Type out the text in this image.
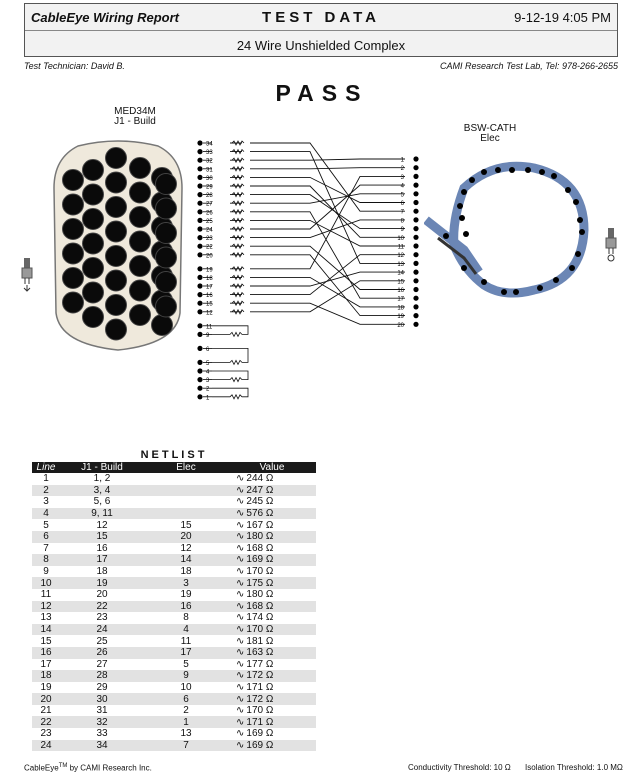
CableEye Wiring Report	TEST DATA	9-12-19 4:05 PM
24 Wire Unshielded Complex
Test Technician: David B.	CAMI Research Test Lab, Tel: 978-266-2655
PASS
MED34M
J1 - Build
BSW-CATH
Elec
34
33
32
31
30
29
28
27
26
25
24
23
22
20
19
18
17
16
15
12
11
9
6
5
4
3
2
1
1
2
3
4
5
6
7
8
9
10
11
12
13
14
15
16
17
18
19
20
NETLIST
Line	J1 - Build	Elec	Value
1	1, 2		∿ 244 Ω
2	3, 4		∿ 247 Ω
3	5, 6		∿ 245 Ω
4	9, 11		∿ 576 Ω
5	12	15	∿ 167 Ω
6	15	20	∿ 180 Ω
7	16	12	∿ 168 Ω
8	17	14	∿ 169 Ω
9	18	18	∿ 170 Ω
10	19	3	∿ 175 Ω
11	20	19	∿ 180 Ω
12	22	16	∿ 168 Ω
13	23	8	∿ 174 Ω
14	24	4	∿ 170 Ω
15	25	11	∿ 181 Ω
16	26	17	∿ 163 Ω
17	27	5	∿ 177 Ω
18	28	9	∿ 172 Ω
19	29	10	∿ 171 Ω
20	30	6	∿ 172 Ω
21	31	2	∿ 170 Ω
22	32	1	∿ 171 Ω
23	33	13	∿ 169 Ω
24	34	7	∿ 169 Ω
CableEye™ by CAMI Research Inc.	Conductivity Threshold: 10 Ω Isolation Threshold: 1.0 MΩ
